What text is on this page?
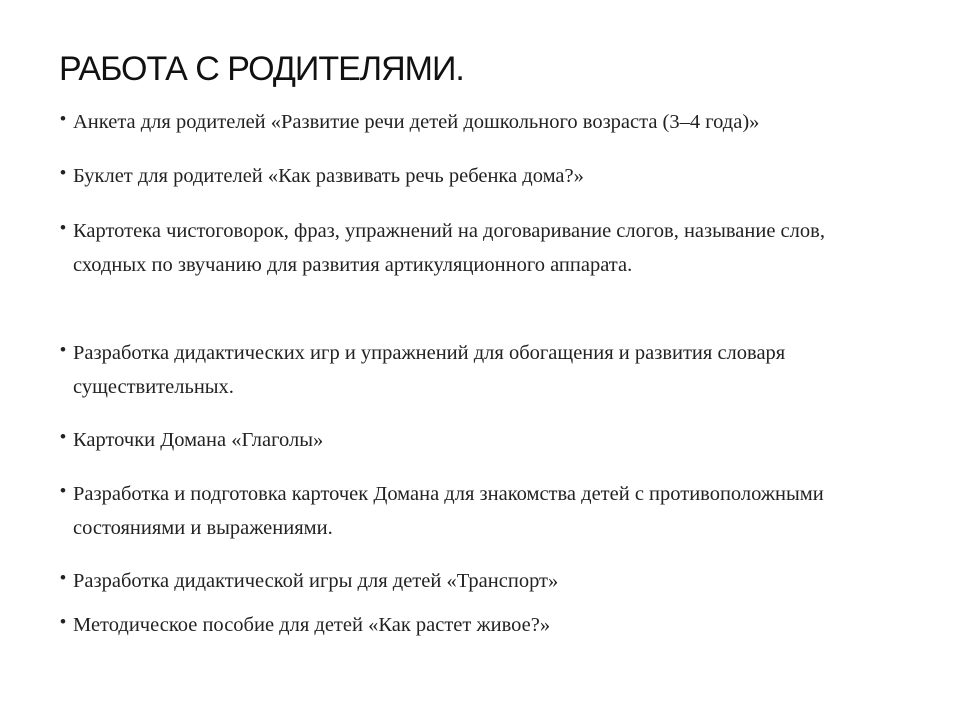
РАБОТА С РОДИТЕЛЯМИ.
• Анкета для родителей «Развитие речи детей дошкольного возраста (3–4 года)»
• Буклет для родителей «Как развивать речь ребенка дома?»
• Картотека чистоговорок, фраз, упражнений на договаривание слогов, называние слов, сходных по звучанию для развития артикуляционного аппарата.
• Разработка дидактических игр и упражнений для обогащения и развития словаря существительных.
• Карточки Домана «Глаголы»
• Разработка и подготовка карточек Домана для знакомства детей с противоположными состояниями и выражениями.
• Разработка дидактической игры для детей «Транспорт»
• Методическое пособие для детей «Как растет живое?»
